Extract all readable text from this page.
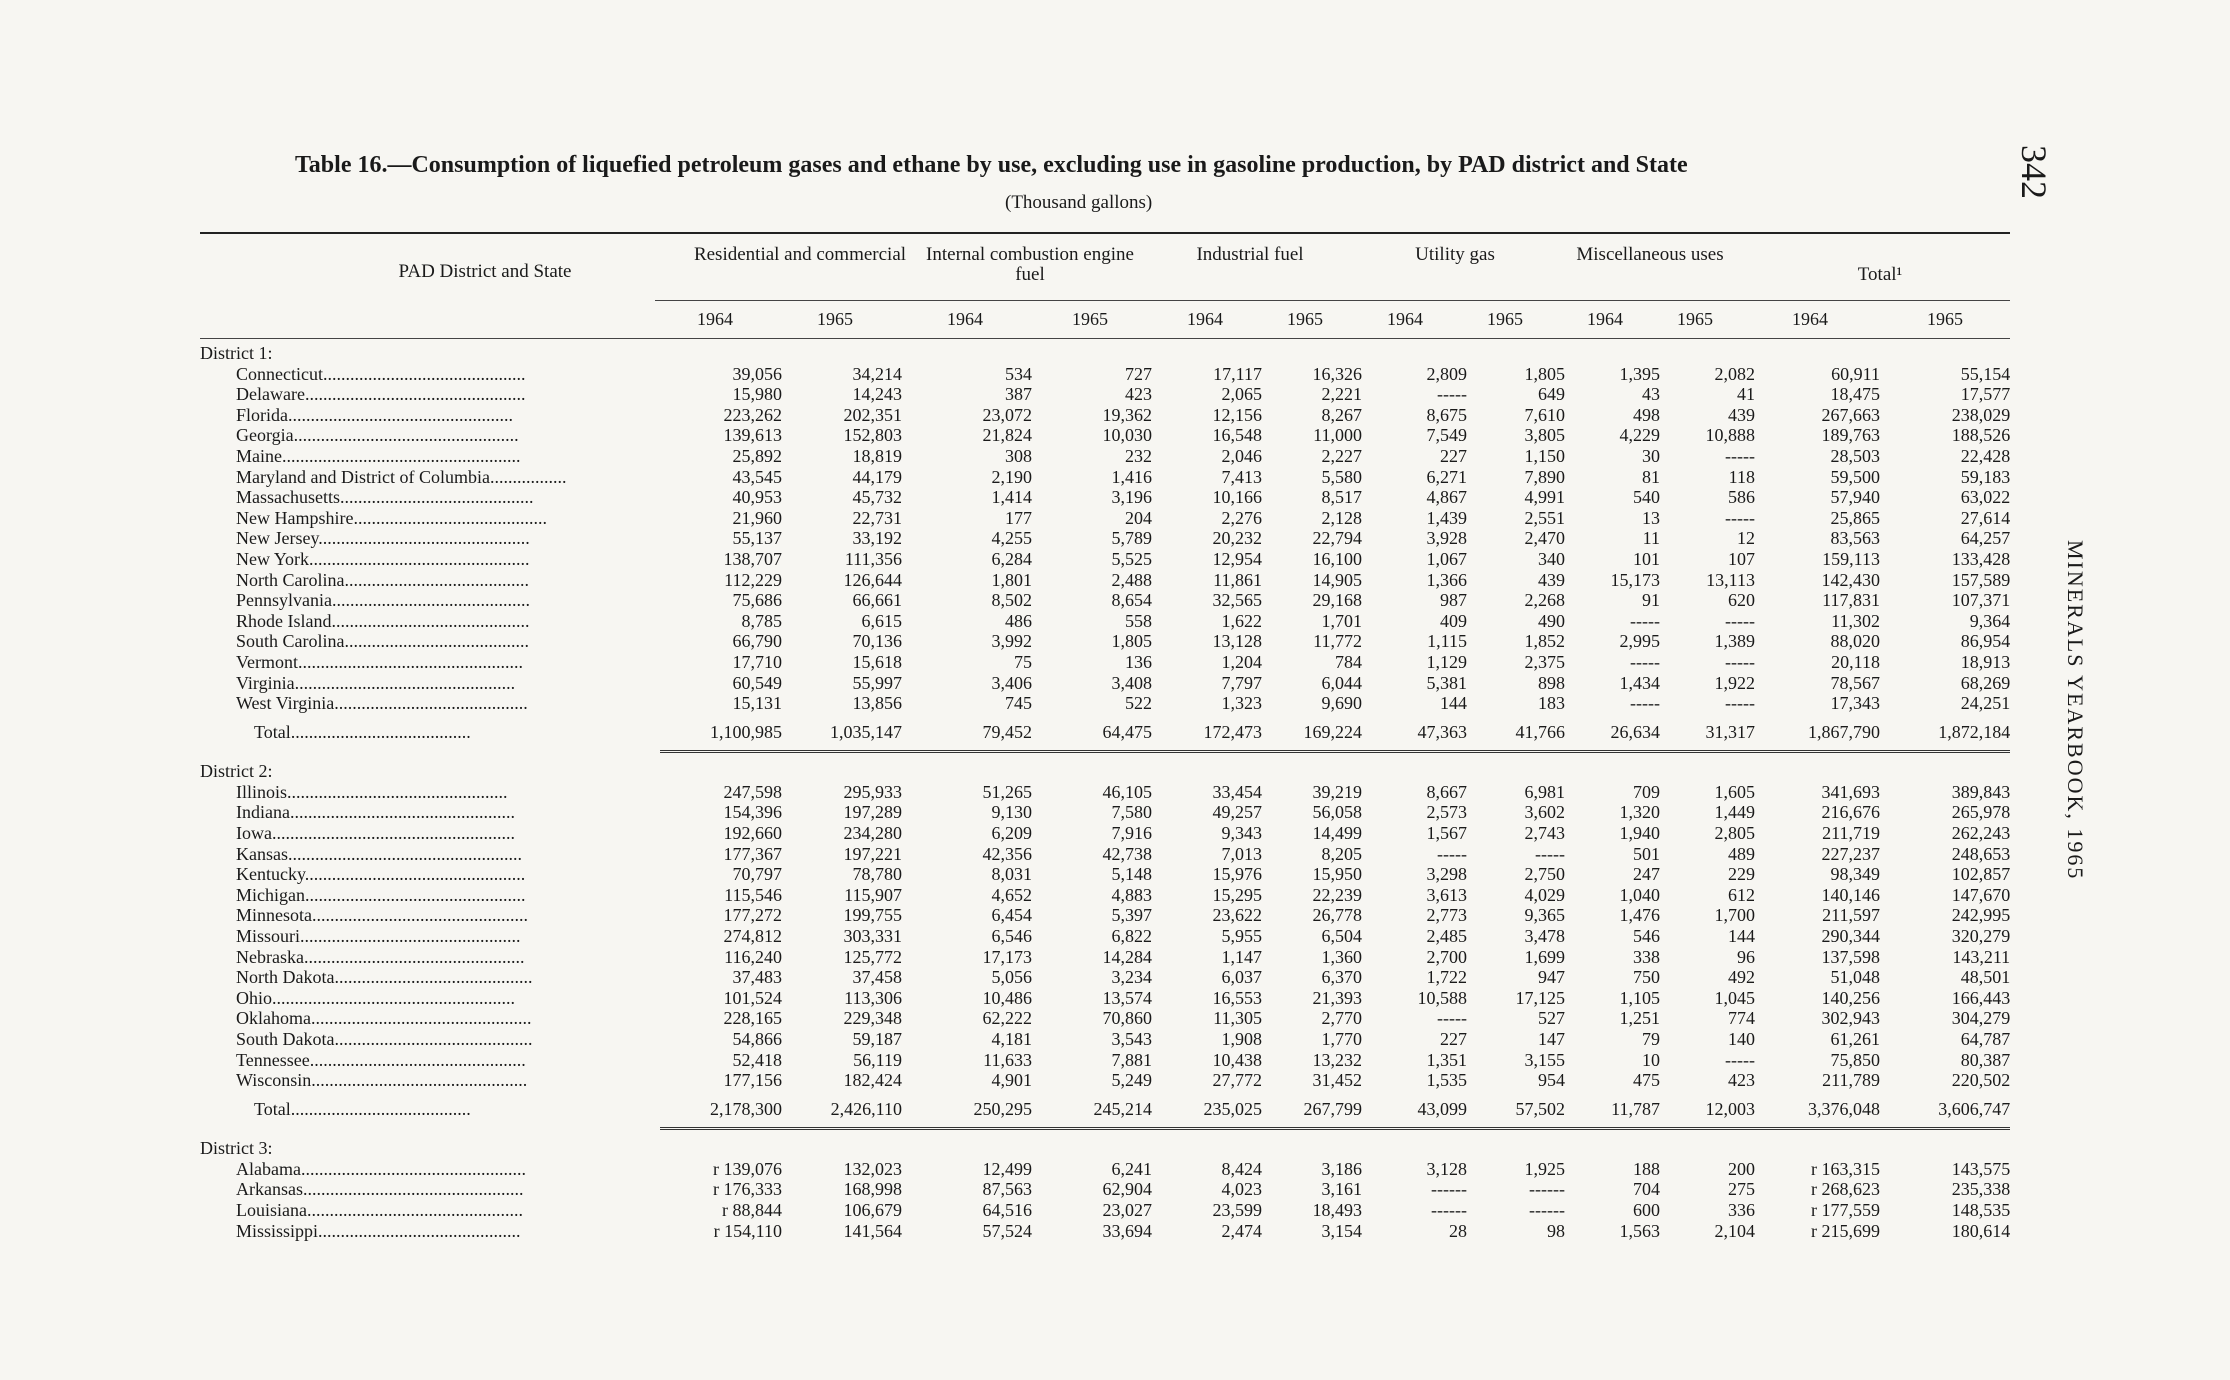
342
MINERALS YEARBOOK, 1965
Table 16.—Consumption of liquefied petroleum gases and ethane by use, excluding use in gasoline production, by PAD district and State
(Thousand gallons)
PAD District and State
Residential and commercial	Internal combustion engine fuel
Industrial fuel	Utility gas	Miscellaneous uses
Total¹
1964	1965	1964	1965	1964	1965	1964	1965	1964	1965	1964	1965
District 1:												
Connecticut.............................................	39,056	34,214	534	727	17,117	16,326	2,809	1,805	1,395	2,082	60,911	55,154
Delaware.................................................	15,980	14,243	387	423	2,065	2,221	-----	649	43	41	18,475	17,577
Florida..................................................	223,262	202,351	23,072	19,362	12,156	8,267	8,675	7,610	498	439	267,663	238,029
Georgia..................................................	139,613	152,803	21,824	10,030	16,548	11,000	7,549	3,805	4,229	10,888	189,763	188,526
Maine.....................................................	25,892	18,819	308	232	2,046	2,227	227	1,150	30	-----	28,503	22,428
Maryland and District of Columbia.................	43,545	44,179	2,190	1,416	7,413	5,580	6,271	7,890	81	118	59,500	59,183
Massachusetts...........................................	40,953	45,732	1,414	3,196	10,166	8,517	4,867	4,991	540	586	57,940	63,022
New Hampshire...........................................	21,960	22,731	177	204	2,276	2,128	1,439	2,551	13	-----	25,865	27,614
New Jersey...............................................	55,137	33,192	4,255	5,789	20,232	22,794	3,928	2,470	11	12	83,563	64,257
New York.................................................	138,707	111,356	6,284	5,525	12,954	16,100	1,067	340	101	107	159,113	133,428
North Carolina.........................................	112,229	126,644	1,801	2,488	11,861	14,905	1,366	439	15,173	13,113	142,430	157,589
Pennsylvania............................................	75,686	66,661	8,502	8,654	32,565	29,168	987	2,268	91	620	117,831	107,371
Rhode Island............................................	8,785	6,615	486	558	1,622	1,701	409	490	-----	-----	11,302	9,364
South Carolina.........................................	66,790	70,136	3,992	1,805	13,128	11,772	1,115	1,852	2,995	1,389	88,020	86,954
Vermont..................................................	17,710	15,618	75	136	1,204	784	1,129	2,375	-----	-----	20,118	18,913
Virginia.................................................	60,549	55,997	3,406	3,408	7,797	6,044	5,381	898	1,434	1,922	78,567	68,269
West Virginia...........................................	15,131	13,856	745	522	1,323	9,690	144	183	-----	-----	17,343	24,251
Total........................................	1,100,985	1,035,147	79,452	64,475	172,473	169,224	47,363	41,766	26,634	31,317	1,867,790	1,872,184

District 2:												
Illinois.................................................	247,598	295,933	51,265	46,105	33,454	39,219	8,667	6,981	709	1,605	341,693	389,843
Indiana..................................................	154,396	197,289	9,130	7,580	49,257	56,058	2,573	3,602	1,320	1,449	216,676	265,978
Iowa......................................................	192,660	234,280	6,209	7,916	9,343	14,499	1,567	2,743	1,940	2,805	211,719	262,243
Kansas....................................................	177,367	197,221	42,356	42,738	7,013	8,205	-----	-----	501	489	227,237	248,653
Kentucky.................................................	70,797	78,780	8,031	5,148	15,976	15,950	3,298	2,750	247	229	98,349	102,857
Michigan.................................................	115,546	115,907	4,652	4,883	15,295	22,239	3,613	4,029	1,040	612	140,146	147,670
Minnesota................................................	177,272	199,755	6,454	5,397	23,622	26,778	2,773	9,365	1,476	1,700	211,597	242,995
Missouri.................................................	274,812	303,331	6,546	6,822	5,955	6,504	2,485	3,478	546	144	290,344	320,279
Nebraska.................................................	116,240	125,772	17,173	14,284	1,147	1,360	2,700	1,699	338	96	137,598	143,211
North Dakota............................................	37,483	37,458	5,056	3,234	6,037	6,370	1,722	947	750	492	51,048	48,501
Ohio......................................................	101,524	113,306	10,486	13,574	16,553	21,393	10,588	17,125	1,105	1,045	140,256	166,443
Oklahoma.................................................	228,165	229,348	62,222	70,860	11,305	2,770	-----	527	1,251	774	302,943	304,279
South Dakota............................................	54,866	59,187	4,181	3,543	1,908	1,770	227	147	79	140	61,261	64,787
Tennessee................................................	52,418	56,119	11,633	7,881	10,438	13,232	1,351	3,155	10	-----	75,850	80,387
Wisconsin................................................	177,156	182,424	4,901	5,249	27,772	31,452	1,535	954	475	423	211,789	220,502
Total........................................	2,178,300	2,426,110	250,295	245,214	235,025	267,799	43,099	57,502	11,787	12,003	3,376,048	3,606,747

District 3:												
Alabama..................................................	r 139,076	132,023	12,499	6,241	8,424	3,186	3,128	1,925	188	200	r 163,315	143,575
Arkansas.................................................	r 176,333	168,998	87,563	62,904	4,023	3,161	------	------	704	275	r 268,623	235,338
Louisiana................................................	r 88,844	106,679	64,516	23,027	23,599	18,493	------	------	600	336	r 177,559	148,535
Mississippi.............................................	r 154,110	141,564	57,524	33,694	2,474	3,154	28	98	1,563	2,104	r 215,699	180,614
